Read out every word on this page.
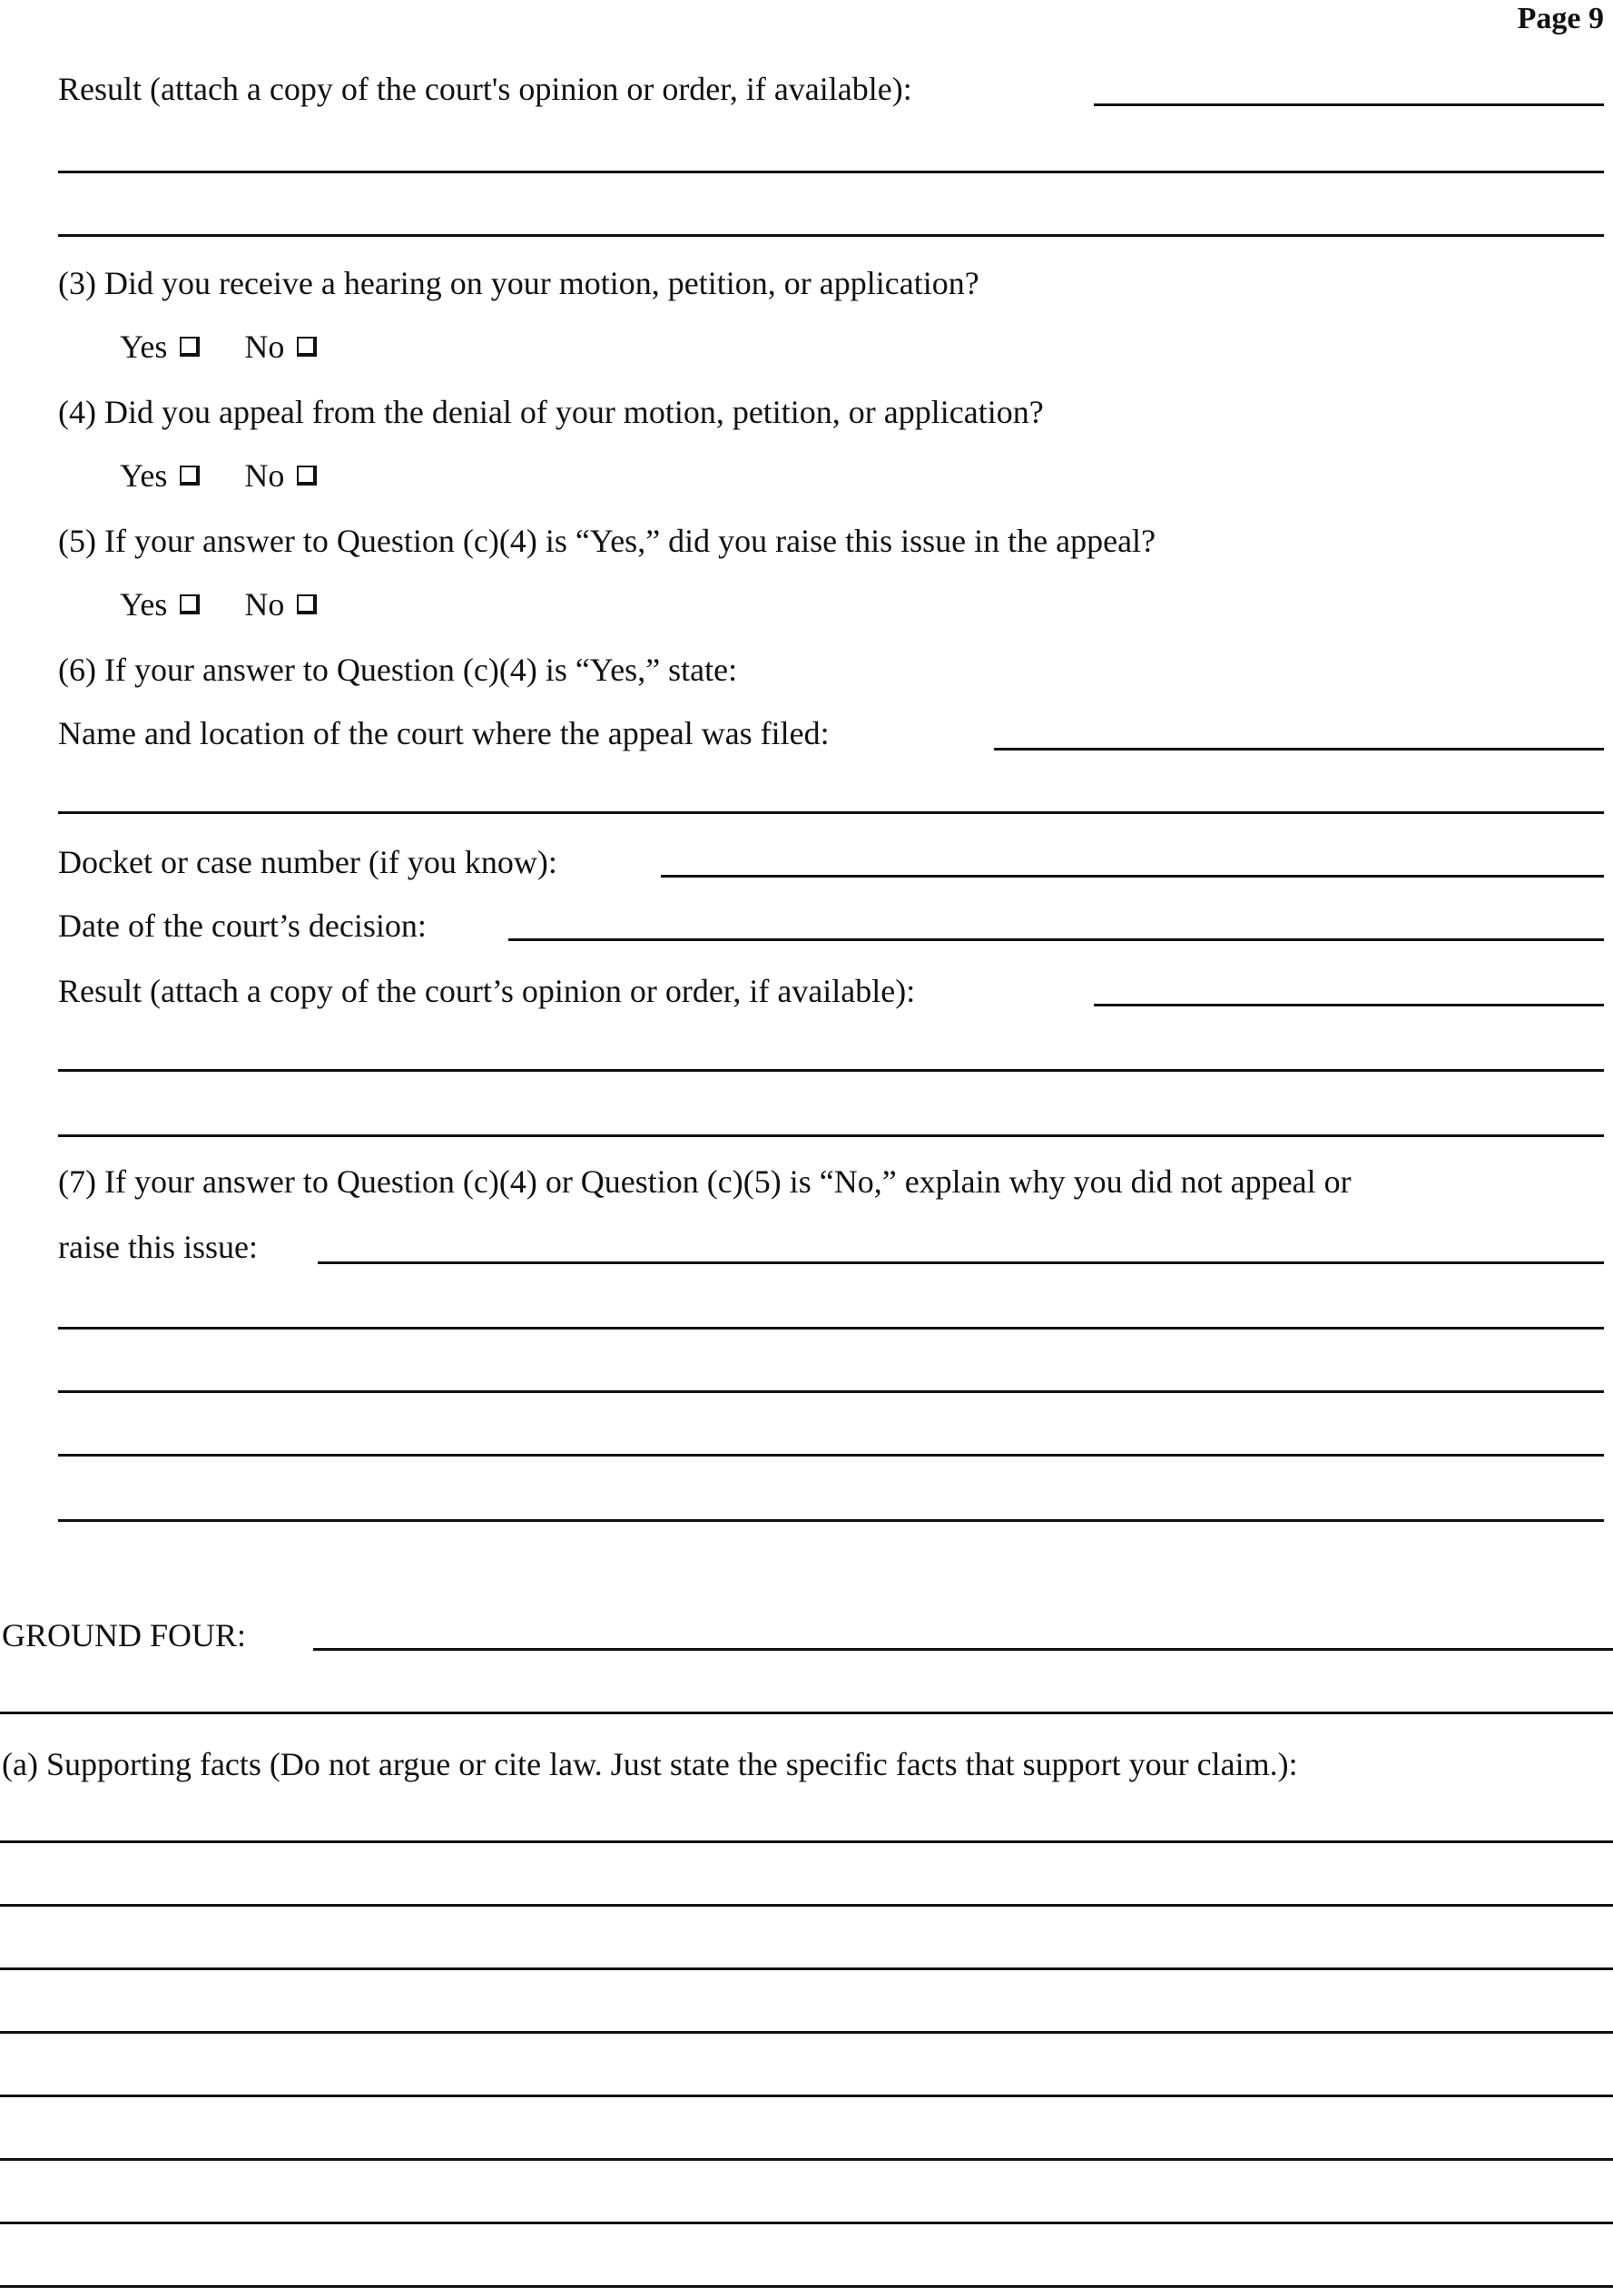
Page 9
Result (attach a copy of the court's opinion or order, if available):
(3) Did you receive a hearing on your motion, petition, or application?
Yes No
(4) Did you appeal from the denial of your motion, petition, or application?
Yes No
(5) If your answer to Question (c)(4) is “Yes,” did you raise this issue in the appeal?
Yes No
(6) If your answer to Question (c)(4) is “Yes,” state:
Name and location of the court where the appeal was filed:
Docket or case number (if you know):
Date of the court’s decision:
Result (attach a copy of the court’s opinion or order, if available):
(7) If your answer to Question (c)(4) or Question (c)(5) is “No,” explain why you did not appeal or
raise this issue:
GROUND FOUR:
(a) Supporting facts (Do not argue or cite law. Just state the specific facts that support your claim.):
